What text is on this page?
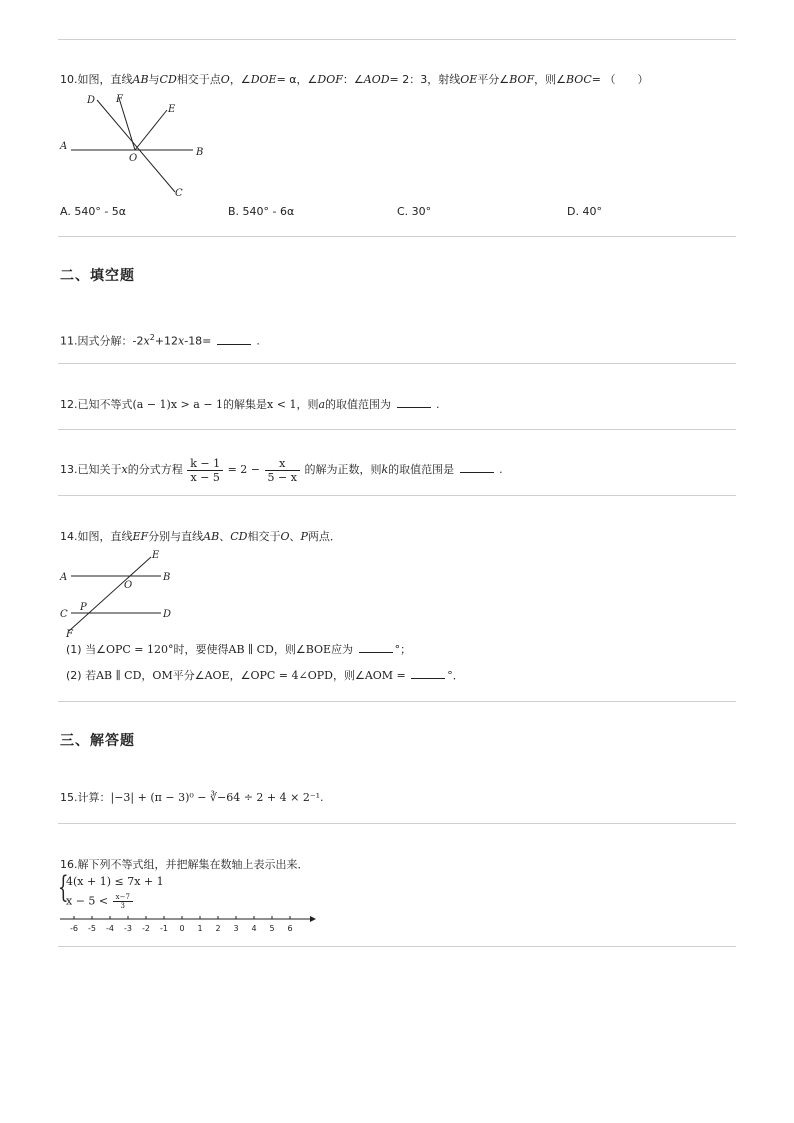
10.如图，直线AB与CD相交于点O，∠DOE= α，∠DOF：∠AOD= 2：3，射线OE平分∠BOF，则∠BOC= （　　）
A
B
C
D
E
F
O
A. 540° - 5α	B. 540° - 6α	C. 30°	D. 40°
二、填空题
11.因式分解：$-2x^2+12x-18=$	.
12.已知不等式(a − 1)x > a − 1的解集是x < 1，则a的取值范围为	.
13.已知关于x的分式方程 $\frac{k - 1}{x - 5} = 2 - \frac{x}{5 - x}$ 的解为正数，则k的取值范围是	.
14.如图，直线EF分别与直线AB、CD相交于O、P两点．
A	B
C	D
E
F
O
P
(1) 当∠OPC = 120°时，要使得AB ∥ CD，则∠BOE应为	°；
(2) 若AB ∥ CD，OM平分∠AOE，∠OPC = 4∠OPD，则∠AOM =	°．
三、解答题
15.计算：|−3| + (π − 3)⁰ − ∛−64 ÷ 2 + 4 × 2⁻¹.
16.解下列不等式组，并把解集在数轴上表示出来．
{
4(x + 1) ≤ 7x + 1
$x - 5 < \frac{x-7}{3}$
-6 -5 -4 -3 -2 -1 0 1 2 3 4 5 6
